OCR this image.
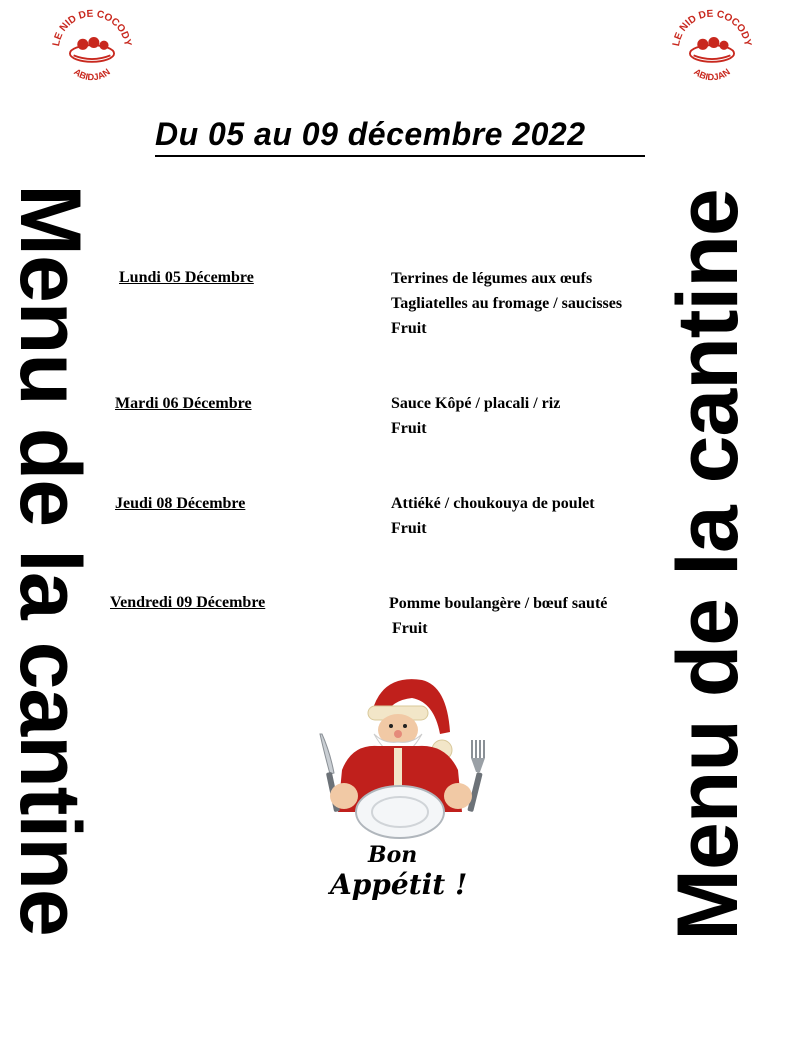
LE NID DE COCODY
ABIDJAN
LE NID DE COCODY
ABIDJAN
Menu de la cantine	Menu de la cantine
Du 05 au 09 décembre 2022
Lundi 05 Décembre	Terrines de légumes aux œufs
Tagliatelles au fromage / saucisses
Fruit
Mardi 06 Décembre	Sauce Kôpé / placali / riz
Fruit
Jeudi 08 Décembre	Attiéké / choukouya de poulet
Fruit
Vendredi 09 Décembre	Pomme boulangère / bœuf sauté
Fruit
Bon
Appétit !
